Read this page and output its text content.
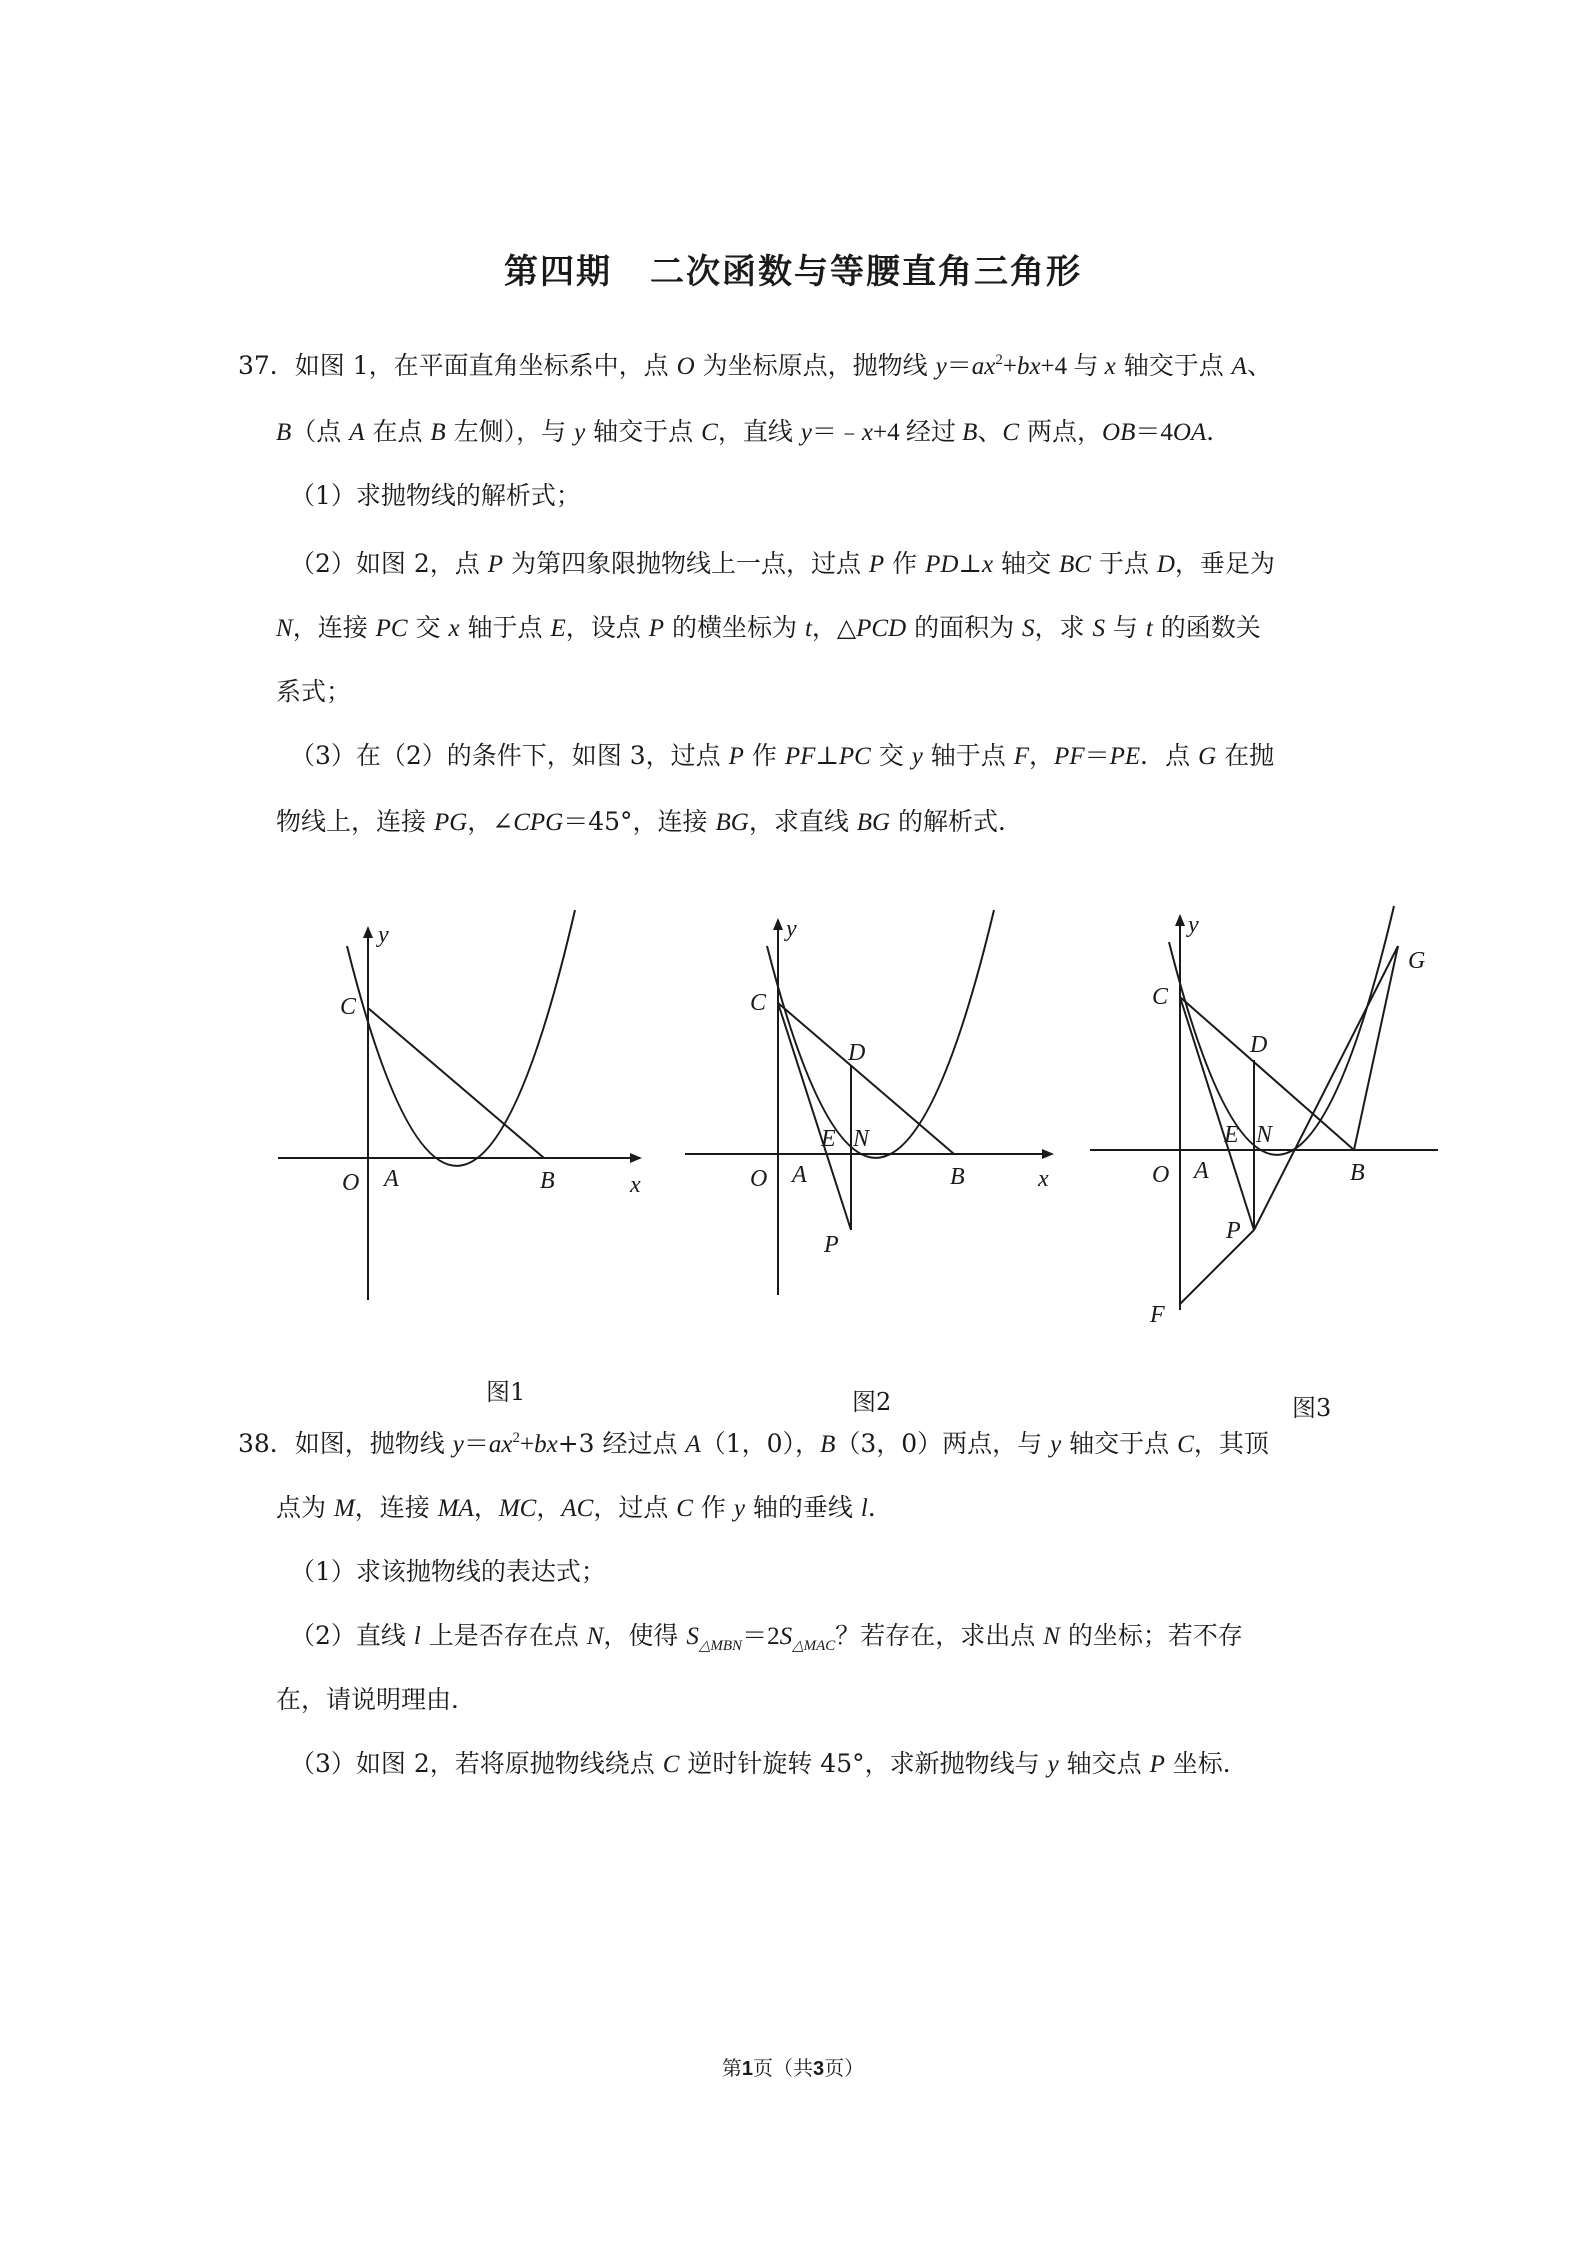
第四期 二次函数与等腰直角三角形
37．如图 1，在平面直角坐标系中，点 O 为坐标原点，抛物线 $y=ax^2+bx+4$ 与 x 轴交于点 A、
B（点 A 在点 B 左侧），与 y 轴交于点 C，直线 y＝﹣x+4 经过 B、C 两点，OB＝4OA．
（1）求抛物线的解析式；
（2）如图 2，点 P 为第四象限抛物线上一点，过点 P 作 PD⊥x 轴交 BC 于点 D，垂足为
N，连接 PC 交 x 轴于点 E，设点 P 的横坐标为 t，△PCD 的面积为 S，求 S 与 t 的函数关
系式；
（3）在（2）的条件下，如图 3，过点 P 作 PF⊥PC 交 y 轴于点 F，PF＝PE．点 G 在抛
物线上，连接 PG，∠CPG＝45°，连接 BG，求直线 BG 的解析式．
y
C
O A	B	x
y
C
D
E N
O A	B	x
P
y
C
G
D
E N
O A	B
P
F
图1	图2	图3
38．如图，抛物线 $y=ax^2+bx+3$ 经过点 A（1，0），B（3，0）两点，与 y 轴交于点 C，其顶
点为 M，连接 MA，MC，AC，过点 C 作 y 轴的垂线 l．
（1）求该抛物线的表达式；
（2）直线 l 上是否存在点 N，使得 $S_{\triangle MBN}=2S_{\triangle MAC}$？若存在，求出点 N 的坐标；若不存
在，请说明理由．
（3）如图 2，若将原抛物线绕点 C 逆时针旋转 45°，求新抛物线与 y 轴交点 P 坐标．
第1页（共3页）
